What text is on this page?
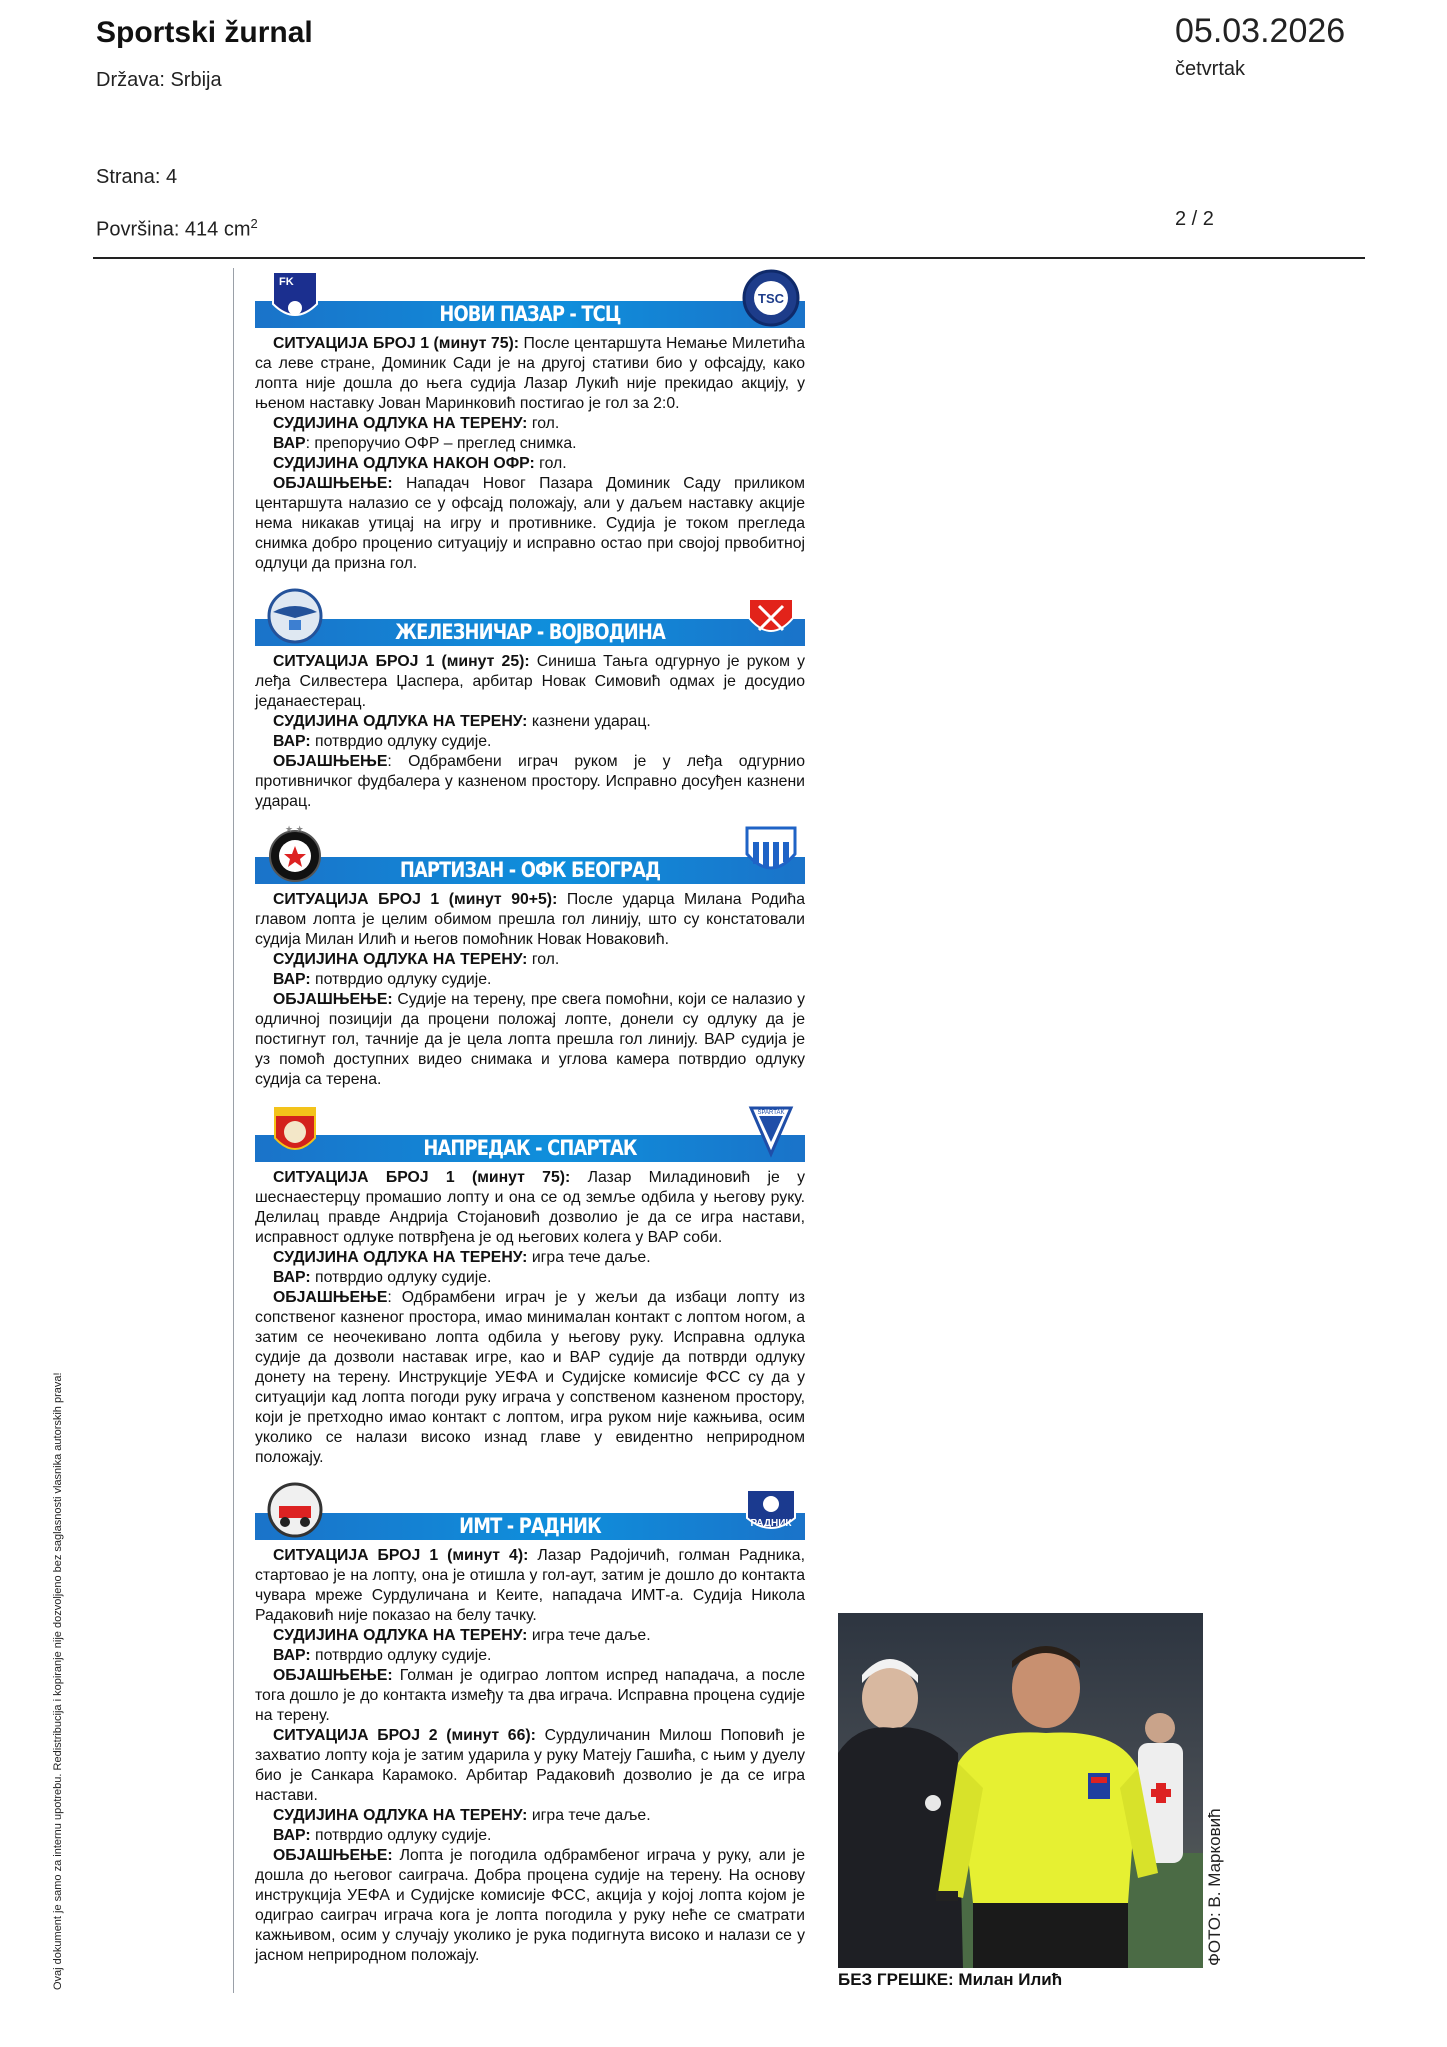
Sportski žurnal
Država: Srbija
Strana: 4
Površina: 414 $cm^2$
05.03.2026
četvrtak
2 / 2
Ovaj dokument je samo za internu upotrebu. Redistribucija i kopiranje nije dozvoljeno bez saglasnosti vlasnika autorskih prava!
НОВИ ПАЗАР - ТСЦ
FK
TSC

СИТУАЦИЈА БРОЈ 1 (минут 75): После центаршута Немање Милетића са леве стране, Доминик Сади је на другој стативи био у офсајду, како лопта није дошла до њега судија Лазар Лукић није прекидао акцију, у њеном наставку Јован Маринковић постигао је гол за 2:0.

СУДИЈИНА ОДЛУКА НА ТЕРЕНУ: гол.

ВАР: препоручио ОФР – преглед снимка.

СУДИЈИНА ОДЛУКА НАКОН ОФР: гол.

ОБЈАШЊЕЊЕ: Нападач Новог Пазара Доминик Саду приликом центаршута налазио се у офсајд положају, али у даљем наставку акције нема никакав утицај на игру и противнике. Судија је током прегледа снимка добро проценио ситуацију и исправно остао при својој првобитној одлуци да призна гол.

ЖЕЛЕЗНИЧАР - ВОЈВОДИНА

СИТУАЦИЈА БРОЈ 1 (минут 25): Синиша Тањга одгурнуо је руком у леђа Силвестера Џаспера, арбитар Новак Симовић одмах је досудио једанаестерац.

СУДИЈИНА ОДЛУКА НА ТЕРЕНУ: казнени ударац.

ВАР: потврдио одлуку судије.

ОБЈАШЊЕЊЕ: Одбрамбени играч руком је у леђа одгурнио противничког фудбалера у казненом простору. Исправно досуђен казнени ударац.

ПАРТИЗАН - ОФК БЕОГРАД
★ ★

СИТУАЦИЈА БРОЈ 1 (минут 90+5): После ударца Милана Родића главом лопта је целим обимом прешла гол линију, што су констатовали судија Милан Илић и његов помоћник Новак Новаковић.

СУДИЈИНА ОДЛУКА НА ТЕРЕНУ: гол.

ВАР: потврдио одлуку судије.

ОБЈАШЊЕЊЕ: Судије на терену, пре свега помоћни, који се налазио у одличној позицији да процени положај лопте, донели су одлуку да је постигнут гол, тачније да је цела лопта прешла гол линију. ВАР судија је уз помоћ доступних видео снимака и углова камера потврдио одлуку судија са терена.

НАПРЕДАК - СПАРТАК
SPARTAK

СИТУАЦИЈА БРОЈ 1 (минут 75): Лазар Миладиновић је у шеснаестерцу промашио лопту и она се од земље одбила у његову руку. Делилац правде Андрија Стојановић дозволио је да се игра настави, исправност одлуке потврђена је од његових колега у ВАР соби.

СУДИЈИНА ОДЛУКА НА ТЕРЕНУ: игра тече даље.

ВАР: потврдио одлуку судије.

ОБЈАШЊЕЊЕ: Одбрамбени играч је у жељи да избаци лопту из сопственог казненог простора, имао минималан контакт с лоптом ногом, а затим се неочекивано лопта одбила у његову руку. Исправна одлука судије да дозволи наставак игре, као и ВАР судије да потврди одлуку донету на терену. Инструкције УЕФА и Судијске комисије ФСС су да у ситуацији кад лопта погоди руку играча у сопственом казненом простору, који је претходно имао контакт с лоптом, игра руком није кажњива, осим уколико се налази високо изнад главе у евидентно неприродном положају.

ИМТ - РАДНИК	РАДНИК

СИТУАЦИЈА БРОЈ 1 (минут 4): Лазар Радојичић, голман Радника, стартовао је на лопту, она је отишла у гол-аут, затим је дошло до контакта чувара мреже Сурдуличана и Кеите, нападача ИМТ-а. Судија Никола Радаковић није показао на белу тачку.

СУДИЈИНА ОДЛУКА НА ТЕРЕНУ: игра тече даље.

ВАР: потврдио одлуку судије.

ОБЈАШЊЕЊЕ: Голман је одиграо лоптом испред нападача, а после тога дошло је до контакта између та два играча. Исправна процена судије на терену.

СИТУАЦИЈА БРОЈ 2 (минут 66): Сурдуличанин Милош Поповић је захватио лопту која је затим ударила у руку Матеју Гашића, с њим у дуелу био је Санкара Карамоко. Арбитар Радаковић дозволио је да се игра настави.

СУДИЈИНА ОДЛУКА НА ТЕРЕНУ: игра тече даље.

ВАР: потврдио одлуку судије.

ОБЈАШЊЕЊЕ: Лопта је погодила одбрамбеног играча у руку, али је дошла до његовог саигрaча. Добра процена судије на терену. На основу инструкција УЕФА и Судијске комисије ФСС, акција у којој лопта којом је одиграо саиграч играча кога је лопта погодила у руку неће се сматрати кажњивом, осим у случају уколико је рука подигнута високо и налази се у јасном неприродном положају.

БЕЗ ГРЕШКЕ: Милан Илић
ФОТО: В. Марковић
